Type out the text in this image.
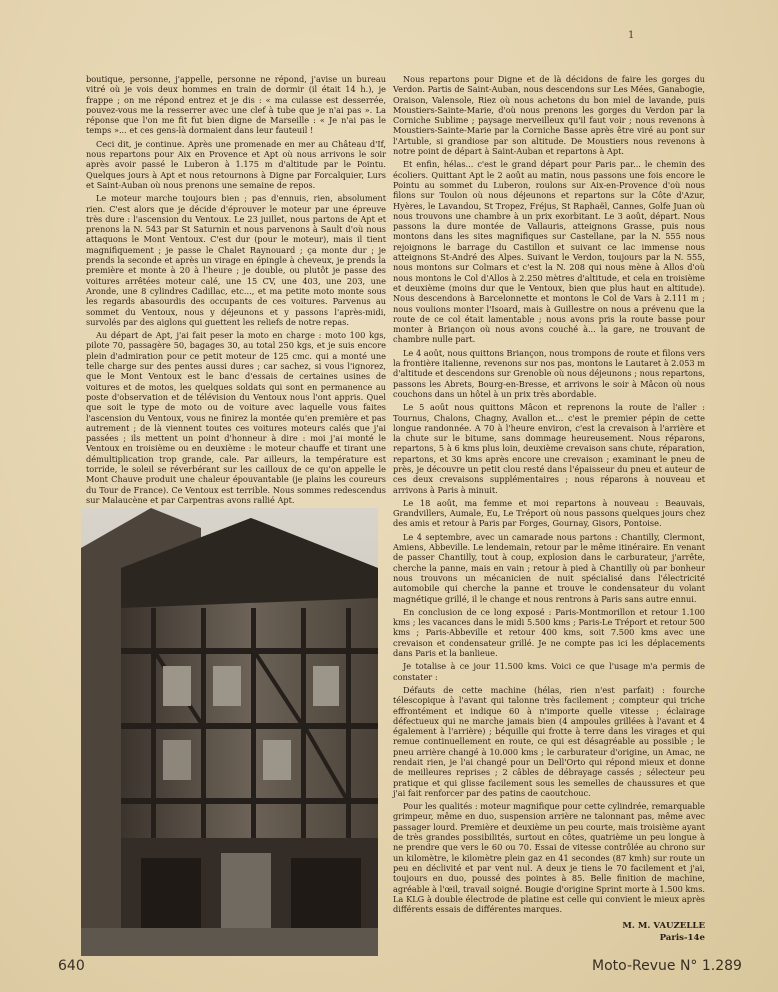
1

boutique, personne, j'appelle, personne ne répond, j'avise un bureau vitré où je vois deux hommes en train de dormir (il était 14 h.), je frappe ; on me répond entrez et je dis : « ma culasse est desserrée, pouvez-vous me la resserrer avec une clef à tube que je n'ai pas ». La réponse que l'on me fit fut bien digne de Marseille : « Je n'ai pas le temps »... et ces gens-là dormaient dans leur fauteuil !

Ceci dit, je continue. Après une promenade en mer au Château d'If, nous repartons pour Aix en Provence et Apt où nous arrivons le soir après avoir passé le Luberon à 1.175 m d'altitude par le Pointu. Quelques jours à Apt et nous retournons à Digne par Forcalquier, Lurs et Saint-Auban où nous prenons une semaine de repos.

Le moteur marche toujours bien ; pas d'ennuis, rien, absolument rien. C'est alors que je décide d'éprouver le moteur par une épreuve très dure : l'ascension du Ventoux. Le 23 juillet, nous partons de Apt et prenons la N. 543 par St Saturnin et nous parvenons à Sault d'où nous attaquons le Mont Ventoux. C'est dur (pour le moteur), mais il tient magnifiquement ; je passe le Chalet Raynouard ; ça monte dur ; je prends la seconde et après un virage en épingle à cheveux, je prends la première et monte à 20 à l'heure ; je double, ou plutôt je passe des voitures arrêtées moteur calé, une 15 CV, une 403, une 203, une Aronde, une 8 cylindres Cadillac, etc..., et ma petite moto monte sous les regards abasourdis des occupants de ces voitures. Parvenus au sommet du Ventoux, nous y déjeunons et y passons l'après-midi, survolés par des aiglons qui guettent les reliefs de notre repas.

Au départ de Apt, j'ai fait peser la moto en charge : moto 100 kgs, pilote 70, passagère 50, bagages 30, au total 250 kgs, et je suis encore plein d'admiration pour ce petit moteur de 125 cmc. qui a monté une telle charge sur des pentes aussi dures ; car sachez, si vous l'ignorez, que le Mont Ventoux est le banc d'essais de certaines usines de voitures et de motos, les quelques soldats qui sont en permanence au poste d'observation et de télévision du Ventoux nous l'ont appris. Quel que soit le type de moto ou de voiture avec laquelle vous faites l'ascension du Ventoux, vous ne finirez la montée qu'en première et pas autrement ; de là viennent toutes ces voitures moteurs calés que j'ai passées ; ils mettent un point d'honneur à dire : moi j'ai monté le Ventoux en troisième ou en deuxième : le moteur chauffe et tirant une démultiplication trop grande, cale. Par ailleurs, la température est torride, le soleil se réverbérant sur les cailloux de ce qu'on appelle le Mont Chauve produit une chaleur épouvantable (je plains les coureurs du Tour de France). Ce Ventoux est terrible. Nous sommes redescendus sur Malaucène et par Carpentras avons rallié Apt.

Nous repartons pour Digne et de là décidons de faire les gorges du Verdon. Partis de Saint-Auban, nous descendons sur Les Mées, Ganabogie, Oraison, Valensole, Riez où nous achetons du bon miel de lavande, puis Moustiers-Sainte-Marie, d'où nous prenons les gorges du Verdon par la Corniche Sublime ; paysage merveilleux qu'il faut voir ; nous revenons à Moustiers-Sainte-Marie par la Corniche Basse après être viré au pont sur l'Artuble, si grandiose par son altitude. De Moustiers nous revenons à notre point de départ à Saint-Auban et repartons à Apt.

Et enfin, hélas... c'est le grand départ pour Paris par... le chemin des écoliers. Quittant Apt le 2 août au matin, nous passons une fois encore le Pointu au sommet du Luberon, roulons sur Aix-en-Provence d'où nous filons sur Toulon où nous déjeunons et repartons sur la Côte d'Azur, Hyères, le Lavandou, St Tropez, Fréjus, St Raphaël, Cannes, Golfe Juan où nous trouvons une chambre à un prix exorbitant. Le 3 août, départ. Nous passons la dure montée de Vallauris, atteignons Grasse, puis nous montons dans les sites magnifiques sur Castellane, par la N. 555 nous rejoignons le barrage du Castillon et suivant ce lac immense nous atteignons St-André des Alpes. Suivant le Verdon, toujours par la N. 555, nous montons sur Colmars et c'est la N. 208 qui nous mène à Allos d'où nous montons le Col d'Allos à 2.250 mètres d'altitude, et cela en troisième et deuxième (moins dur que le Ventoux, bien que plus haut en altitude). Nous descendons à Barcelonnette et montons le Col de Vars à 2.111 m ; nous voulions monter l'Isoard, mais à Guillestre on nous a prévenu que la route de ce col était lamentable ; nous avons pris la route basse pour monter à Briançon où nous avons couché à... la gare, ne trouvant de chambre nulle part.

Le 4 août, nous quittons Briançon, nous trompons de route et filons vers la frontière italienne, revenons sur nos pas, montons le Lautaret à 2.053 m d'altitude et descendons sur Grenoble où nous déjeunons ; nous repartons, passons les Abrets, Bourg-en-Bresse, et arrivons le soir à Mâcon où nous couchons dans un hôtel à un prix très abordable.

Le 5 août nous quittons Mâcon et reprenons la route de l'aller : Tournus, Chalons, Chagny, Avallon et... c'est le premier pépin de cette longue randonnée. A 70 à l'heure environ, c'est la crevaison à l'arrière et la chute sur le bitume, sans dommage heureusement. Nous réparons, repartons, 5 à 6 kms plus loin, deuxième crevaison sans chute, réparation, repartons, et 30 kms après encore une crevaison ; examinant le pneu de près, je découvre un petit clou resté dans l'épaisseur du pneu et auteur de ces deux crevaisons supplémentaires ; nous réparons à nouveau et arrivons à Paris à minuit.

Le 18 août, ma femme et moi repartons à nouveau : Beauvais, Grandvillers, Aumale, Eu, Le Tréport où nous passons quelques jours chez des amis et retour à Paris par Forges, Gournay, Gisors, Pontoise.

Le 4 septembre, avec un camarade nous partons : Chantilly, Clermont, Amiens, Abbeville. Le lendemain, retour par le même itinéraire. En venant de passer Chantilly, tout à coup, explosion dans le carburateur, j'arrête, cherche la panne, mais en vain ; retour à pied à Chantilly où par bonheur nous trouvons un mécanicien de nuit spécialisé dans l'électricité automobile qui cherche la panne et trouve le condensateur du volant magnétique grillé, il le change et nous rentrons à Paris sans autre ennui.

En conclusion de ce long exposé : Paris-Montmorillon et retour 1.100 kms ; les vacances dans le midi 5.500 kms ; Paris-Le Tréport et retour 500 kms ; Paris-Abbeville et retour 400 kms, soit 7.500 kms avec une crevaison et condensateur grillé. Je ne compte pas ici les déplacements dans Paris et la banlieue.

Je totalise à ce jour 11.500 kms. Voici ce que l'usage m'a permis de constater :

Défauts de cette machine (hélas, rien n'est parfait) : fourche télescopique à l'avant qui talonne très facilement ; compteur qui triche effrontément et indique 60 à n'importe quelle vitesse ; éclairage défectueux qui ne marche jamais bien (4 ampoules grillées à l'avant et 4 également à l'arrière) ; béquille qui frotte à terre dans les virages et qui remue continuellement en route, ce qui est désagréable au possible ; le pneu arrière changé à 10.000 kms ; le carburateur d'origine, un Amac, ne rendait rien, je l'ai changé pour un Dell'Orto qui répond mieux et donne de meilleures reprises ; 2 câbles de débrayage cassés ; sélecteur peu pratique et qui glisse facilement sous les semelles de chaussures et que j'ai fait renforcer par des patins de caoutchouc.

Pour les qualités : moteur magnifique pour cette cylindrée, remarquable grimpeur, même en duo, suspension arrière ne talonnant pas, même avec passager lourd. Première et deuxième un peu courte, mais troisième ayant de très grandes possibilités, surtout en côtes, quatrième un peu longue à ne prendre que vers le 60 ou 70. Essai de vitesse contrôlée au chrono sur un kilomètre, le kilomètre plein gaz en 41 secondes (87 kmh) sur route un peu en déclivité et par vent nul. A deux je tiens le 70 facilement et j'ai, toujours en duo, poussé des pointes à 85. Belle finition de machine, agréable à l'œil, travail soigné. Bougie d'origine Sprint morte à 1.500 kms. La KLG à double électrode de platine est celle qui convient le mieux après différents essais de différentes marques.

M. M. VAUZELLE
Paris-14e
640	Moto-Revue N° 1.289
